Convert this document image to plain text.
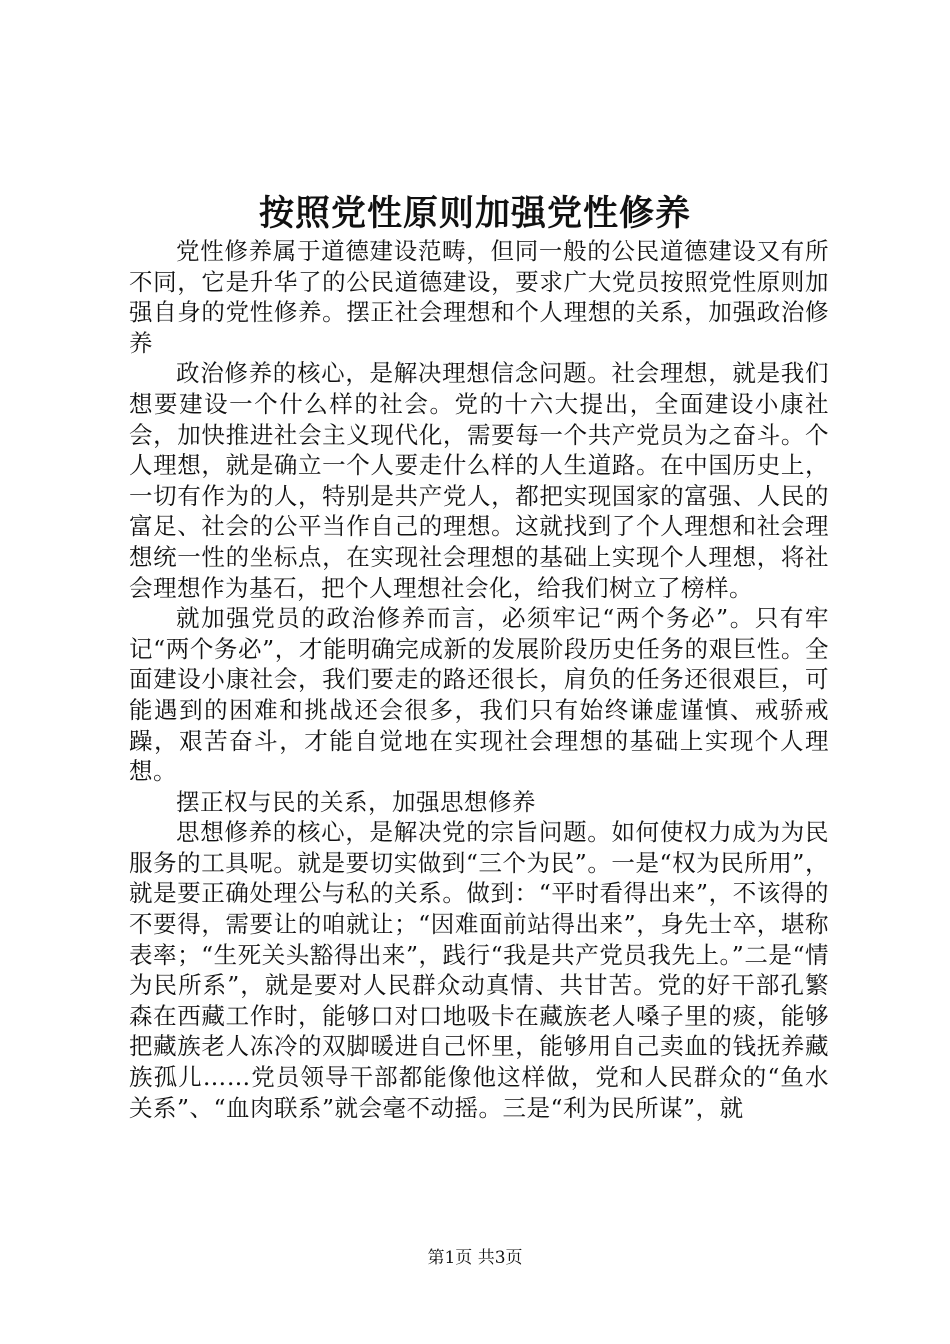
按照党性原则加强党性修养

党性修养属于道德建设范畴，但同一般的公民道德建设又有所不同，它是升华了的公民道德建设，要求广大党员按照党性原则加强自身的党性修养。摆正社会理想和个人理想的关系，加强政治修养

政治修养的核心，是解决理想信念问题。社会理想，就是我们想要建设一个什么样的社会。党的十六大提出，全面建设小康社会，加快推进社会主义现代化，需要每一个共产党员为之奋斗。个人理想，就是确立一个人要走什么样的人生道路。在中国历史上，一切有作为的人，特别是共产党人，都把实现国家的富强、人民的富足、社会的公平当作自己的理想。这就找到了个人理想和社会理想统一性的坐标点，在实现社会理想的基础上实现个人理想，将社会理想作为基石，把个人理想社会化，给我们树立了榜样。

就加强党员的政治修养而言，必须牢记“两个务必”。只有牢记“两个务必”，才能明确完成新的发展阶段历史任务的艰巨性。全面建设小康社会，我们要走的路还很长，肩负的任务还很艰巨，可能遇到的困难和挑战还会很多，我们只有始终谦虚谨慎、戒骄戒躁，艰苦奋斗，才能自觉地在实现社会理想的基础上实现个人理想。

摆正权与民的关系，加强思想修养

思想修养的核心，是解决党的宗旨问题。如何使权力成为为民服务的工具呢。就是要切实做到“三个为民”。一是“权为民所用”，就是要正确处理公与私的关系。做到：“平时看得出来”，不该得的不要得，需要让的咱就让；“因难面前站得出来”，身先士卒，堪称表率；“生死关头豁得出来”，践行“我是共产党员我先上。”二是“情为民所系”，就是要对人民群众动真情、共甘苦。党的好干部孔繁森在西藏工作时，能够口对口地吸卡在藏族老人嗓子里的痰，能够把藏族老人冻冷的双脚暖进自己怀里，能够用自己卖血的钱抚养藏族孤儿……党员领导干部都能像他这样做，党和人民群众的“鱼水关系”、“血肉联系”就会毫不动摇。三是“利为民所谋”，就

第1页 共3页
